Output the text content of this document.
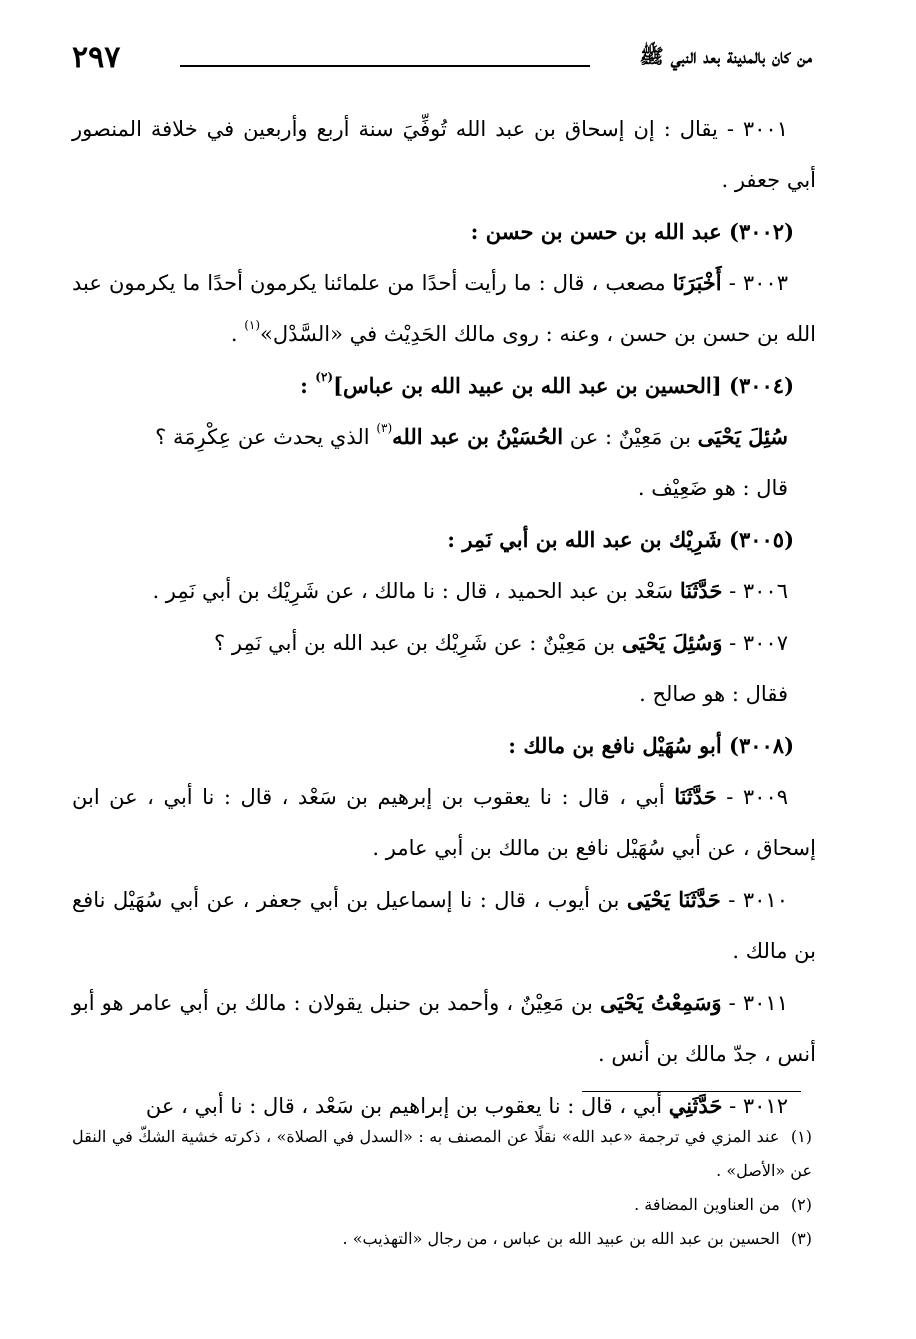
٢٩٧	من كان بالمدينة بعد النبي ﷺ

٣٠٠١ - يقال : إن إسحاق بن عبد الله تُوفِّيَ سنة أربع وأربعين في خلافة المنصور أبي جعفر .

(٣٠٠٢) عبد الله بن حسن بن حسن :

٣٠٠٣ - أَخْبَرَنَا مصعب ، قال : ما رأيت أحدًا من علمائنا يكرمون أحدًا ما يكرمون عبد الله بن حسن بن حسن ، وعنه : روى مالك الحَدِيْث في «السَّدْل»$^{(١)}$ .

(٣٠٠٤) [الحسين بن عبد الله بن عبيد الله بن عباس]$^{(٢)}$ :

سُئِلَ يَحْيَى بن مَعِيْنٌ : عن الحُسَيْنُ بن عبد الله$^{(٣)}$ الذي يحدث عن عِكْرِمَة ؟

قال : هو ضَعِيْف .

(٣٠٠٥) شَرِيْك بن عبد الله بن أبي نَمِر :

٣٠٠٦ - حَدَّثَنَا سَعْد بن عبد الحميد ، قال : نا مالك ، عن شَرِيْك بن أبي نَمِر .

٣٠٠٧ - وَسُئِلَ يَحْيَى بن مَعِيْنٌ : عن شَرِيْك بن عبد الله بن أبي نَمِر ؟

فقال : هو صالح .

(٣٠٠٨) أبو سُهَيْل نافع بن مالك :

٣٠٠٩ - حَدَّثَنَا أبي ، قال : نا يعقوب بن إبرهيم بن سَعْد ، قال : نا أبي ، عن ابن إسحاق ، عن أبي سُهَيْل نافع بن مالك بن أبي عامر .

٣٠١٠ - حَدَّثَنَا يَحْيَى بن أيوب ، قال : نا إسماعيل بن أبي جعفر ، عن أبي سُهَيْل نافع بن مالك .

٣٠١١ - وَسَمِعْتُ يَحْيَى بن مَعِيْنٌ ، وأحمد بن حنبل يقولان : مالك بن أبي عامر هو أبو أنس ، جدّ مالك بن أنس .

٣٠١٢ - حَدَّثَنِي أبي ، قال : نا يعقوب بن إبراهيم بن سَعْد ، قال : نا أبي ، عن

(١) عند المزي في ترجمة «عبد الله» نقلًا عن المصنف به : «السدل في الصلاة» ، ذكرته خشية الشكّ في النقل عن «الأصل» .

(٢) من العناوين المضافة .

(٣) الحسين بن عبد الله بن عبيد الله بن عباس ، من رجال «التهذيب» .
